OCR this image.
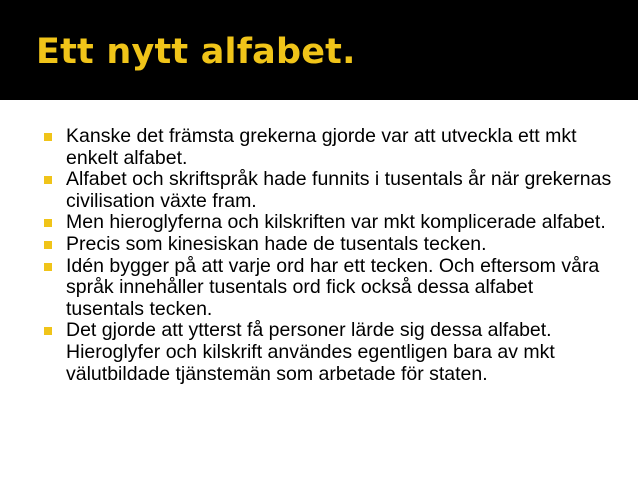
Ett nytt alfabet.
Kanske det främsta grekerna gjorde var att utveckla ett mkt enkelt alfabet.
Alfabet och skriftspråk hade funnits i tusentals år när grekernas civilisation växte fram.
Men hieroglyferna och kilskriften var mkt komplicerade alfabet.
Precis som kinesiskan hade de tusentals tecken.
Idén bygger på att varje ord har ett tecken. Och eftersom våra språk innehåller tusentals ord fick också dessa alfabet tusentals tecken.
Det gjorde att ytterst få personer lärde sig dessa alfabet. Hieroglyfer och kilskrift användes egentligen bara av mkt välutbildade tjänstemän som arbetade för staten.
